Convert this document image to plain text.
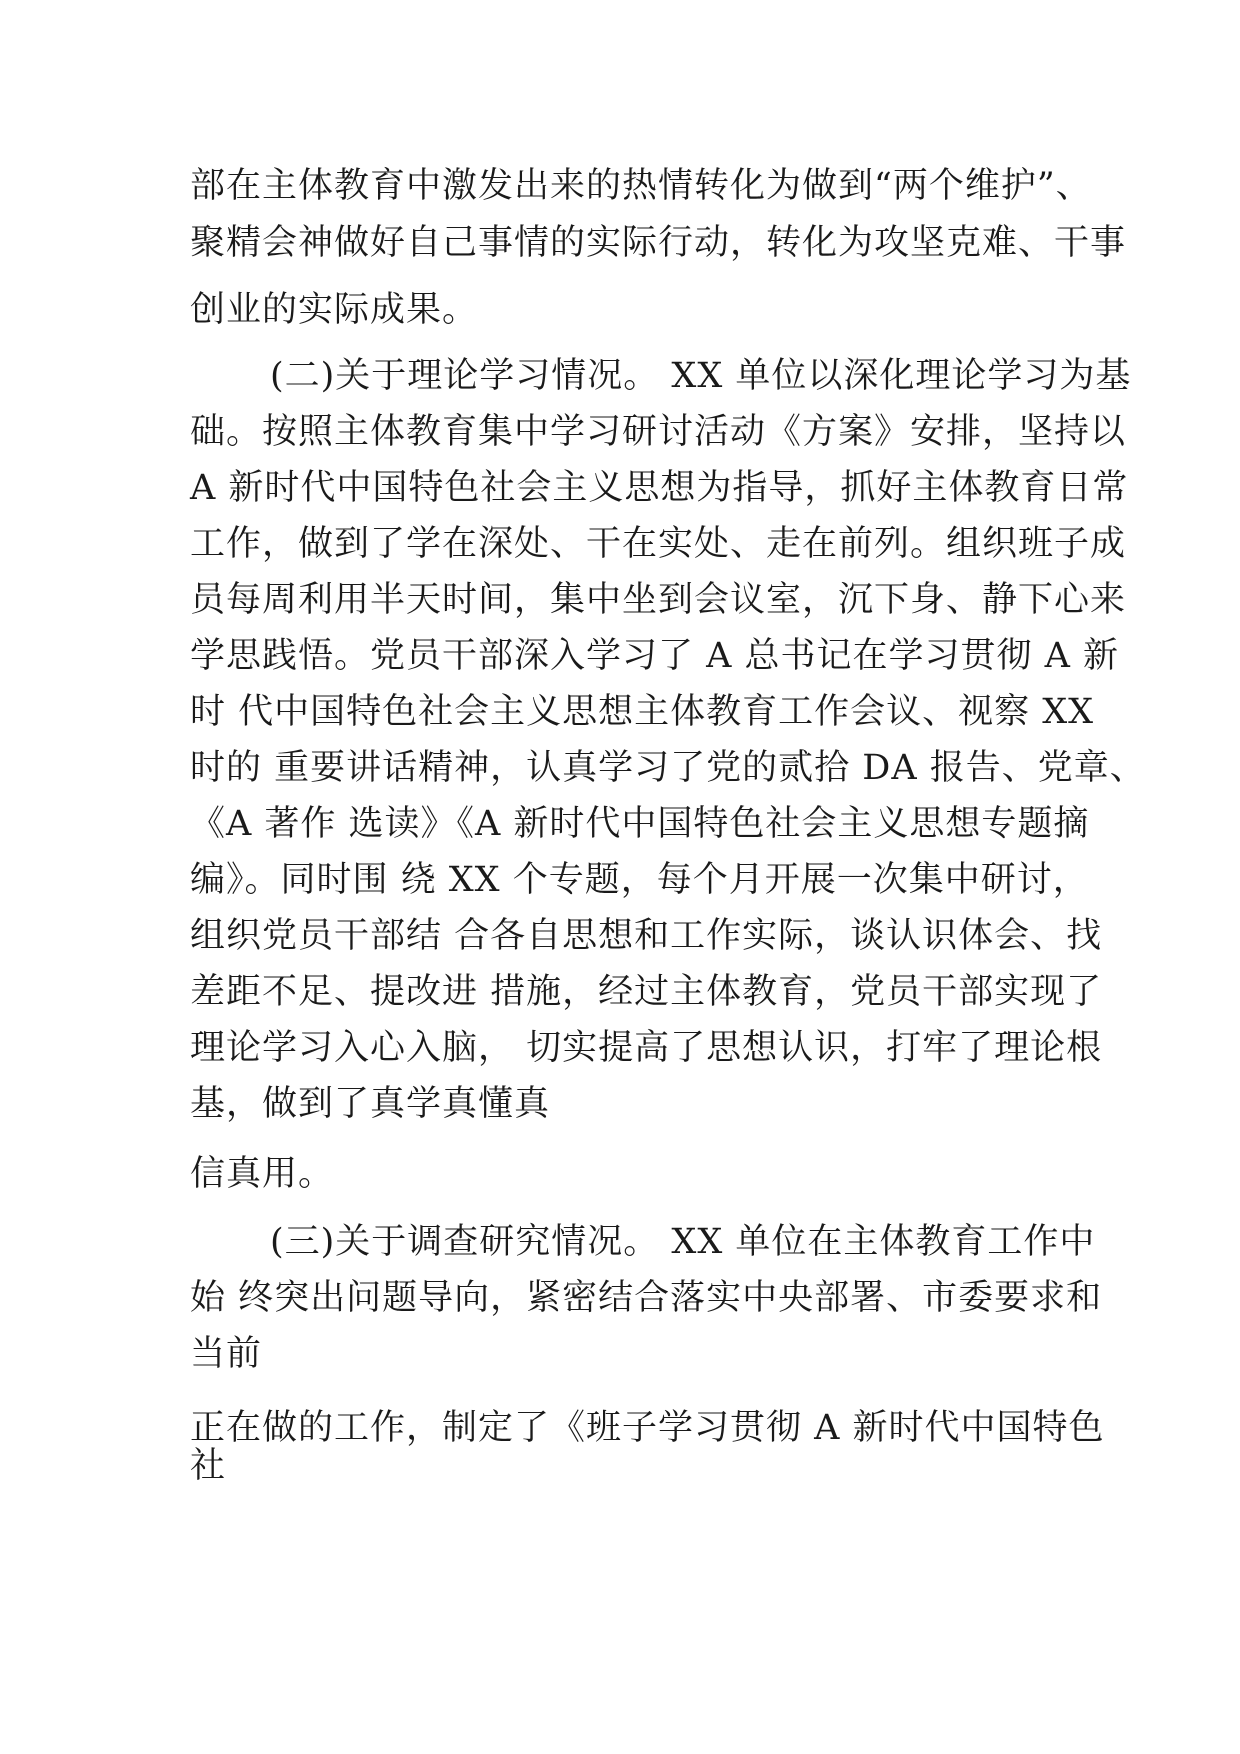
部在主体教育中激发出来的热情转化为做到“两个维护”、
聚精会神做好自己事情的实际行动，转化为攻坚克难、干事
创业的实际成果。
(二)关于理论学习情况。 XX 单位以深化理论学习为基
础。按照主体教育集中学习研讨活动《方案》安排，坚持以
A 新时代中国特色社会主义思想为指导，抓好主体教育日常
工作，做到了学在深处、干在实处、走在前列。组织班子成
员每周利用半天时间，集中坐到会议室，沉下身、静下心来
学思践悟。党员干部深入学习了 A 总书记在学习贯彻 A 新
时 代中国特色社会主义思想主体教育工作会议、视察 XX
时的 重要讲话精神，认真学习了党的贰拾 DA 报告、党章、
《A 著作 选读》《A 新时代中国特色社会主义思想专题摘
编》。同时围 绕 XX 个专题，每个月开展一次集中研讨，
组织党员干部结 合各自思想和工作实际，谈认识体会、找
差距不足、提改进 措施，经过主体教育，党员干部实现了
理论学习入心入脑， 切实提高了思想认识，打牢了理论根
基，做到了真学真懂真
信真用。
(三)关于调查研究情况。 XX 单位在主体教育工作中
始 终突出问题导向，紧密结合落实中央部署、市委要求和
当前
正在做的工作，制定了《班子学习贯彻 A 新时代中国特色
社
